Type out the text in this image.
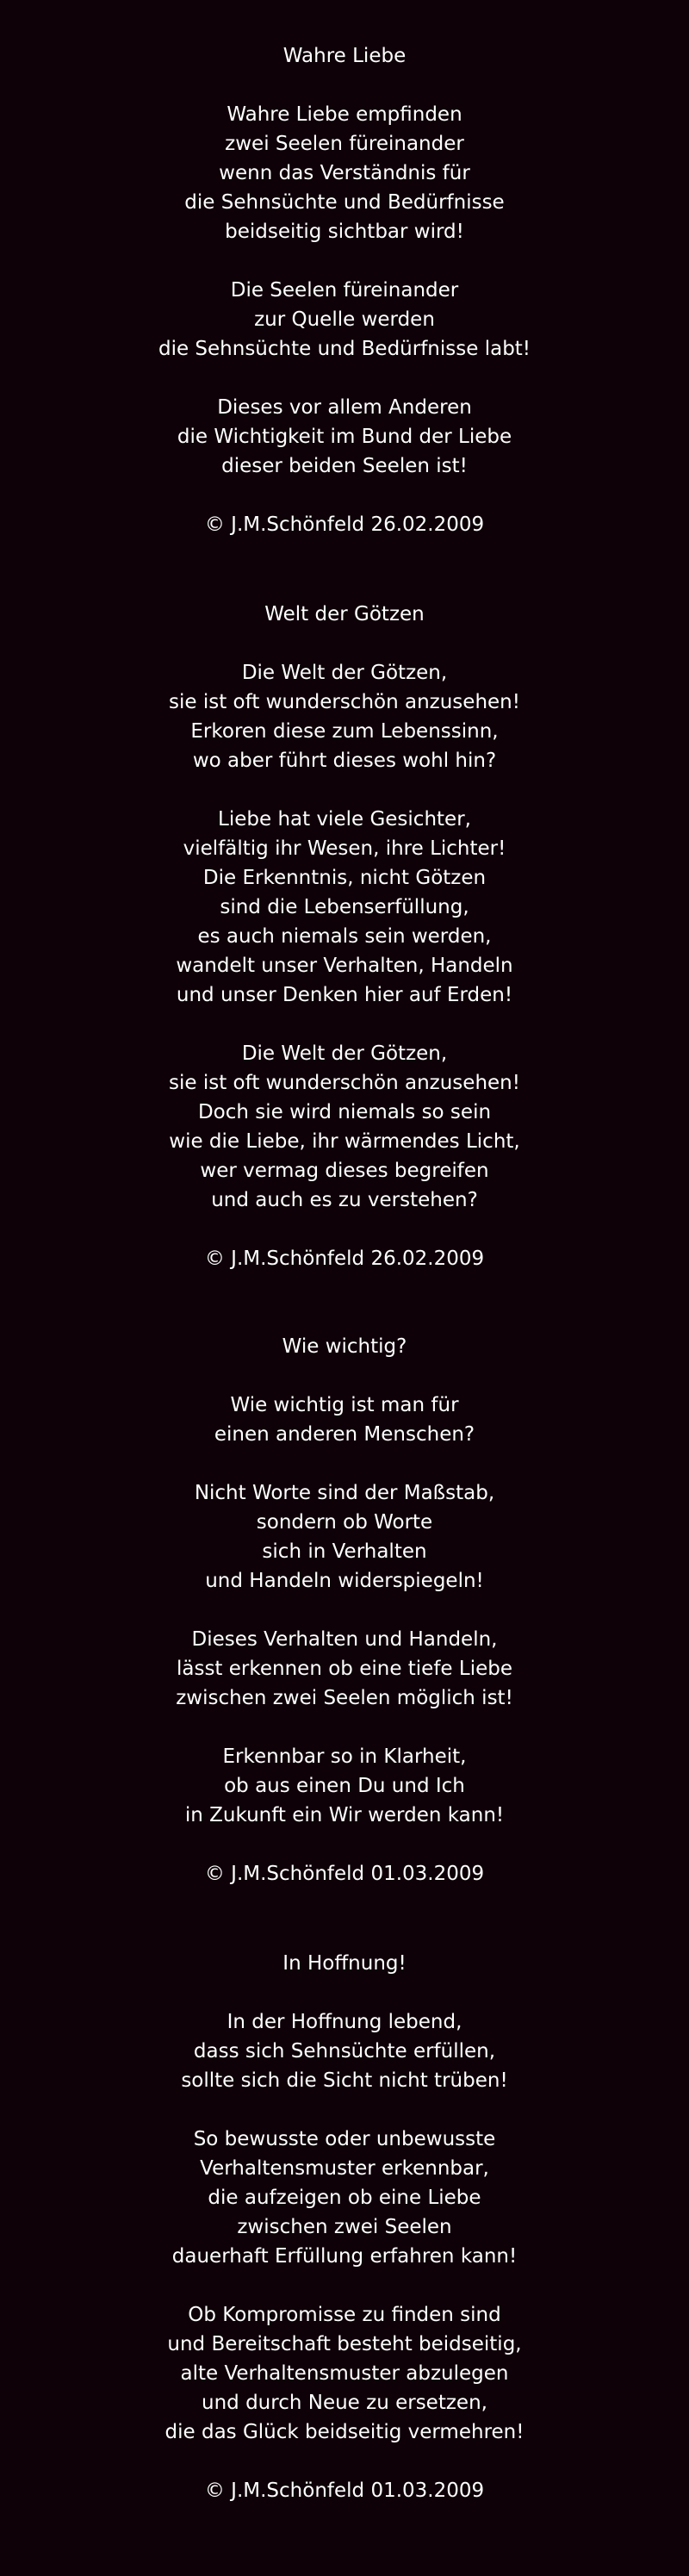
Wahre Liebe
Wahre Liebe empfinden
zwei Seelen füreinander
wenn das Verständnis für
die Sehnsüchte und Bedürfnisse
beidseitig sichtbar wird!
Die Seelen füreinander
zur Quelle werden
die Sehnsüchte und Bedürfnisse labt!
Dieses vor allem Anderen
die Wichtigkeit im Bund der Liebe
dieser beiden Seelen ist!
© J.M.Schönfeld 26.02.2009
Welt der Götzen
Die Welt der Götzen,
sie ist oft wunderschön anzusehen!
Erkoren diese zum Lebenssinn,
wo aber führt dieses wohl hin?
Liebe hat viele Gesichter,
vielfältig ihr Wesen, ihre Lichter!
Die Erkenntnis, nicht Götzen
sind die Lebenserfüllung,
es auch niemals sein werden,
wandelt unser Verhalten, Handeln
und unser Denken hier auf Erden!
Die Welt der Götzen,
sie ist oft wunderschön anzusehen!
Doch sie wird niemals so sein
wie die Liebe, ihr wärmendes Licht,
wer vermag dieses begreifen
und auch es zu verstehen?
© J.M.Schönfeld 26.02.2009
Wie wichtig?
Wie wichtig ist man für
einen anderen Menschen?
Nicht Worte sind der Maßstab,
sondern ob Worte
sich in Verhalten
und Handeln widerspiegeln!
Dieses Verhalten und Handeln,
lässt erkennen ob eine tiefe Liebe
zwischen zwei Seelen möglich ist!
Erkennbar so in Klarheit,
ob aus einen Du und Ich
in Zukunft ein Wir werden kann!
© J.M.Schönfeld 01.03.2009
In Hoffnung!
In der Hoffnung lebend,
dass sich Sehnsüchte erfüllen,
sollte sich die Sicht nicht trüben!
So bewusste oder unbewusste
Verhaltensmuster erkennbar,
die aufzeigen ob eine Liebe
zwischen zwei Seelen
dauerhaft Erfüllung erfahren kann!
Ob Kompromisse zu finden sind
und Bereitschaft besteht beidseitig,
alte Verhaltensmuster abzulegen
und durch Neue zu ersetzen,
die das Glück beidseitig vermehren!
© J.M.Schönfeld 01.03.2009
